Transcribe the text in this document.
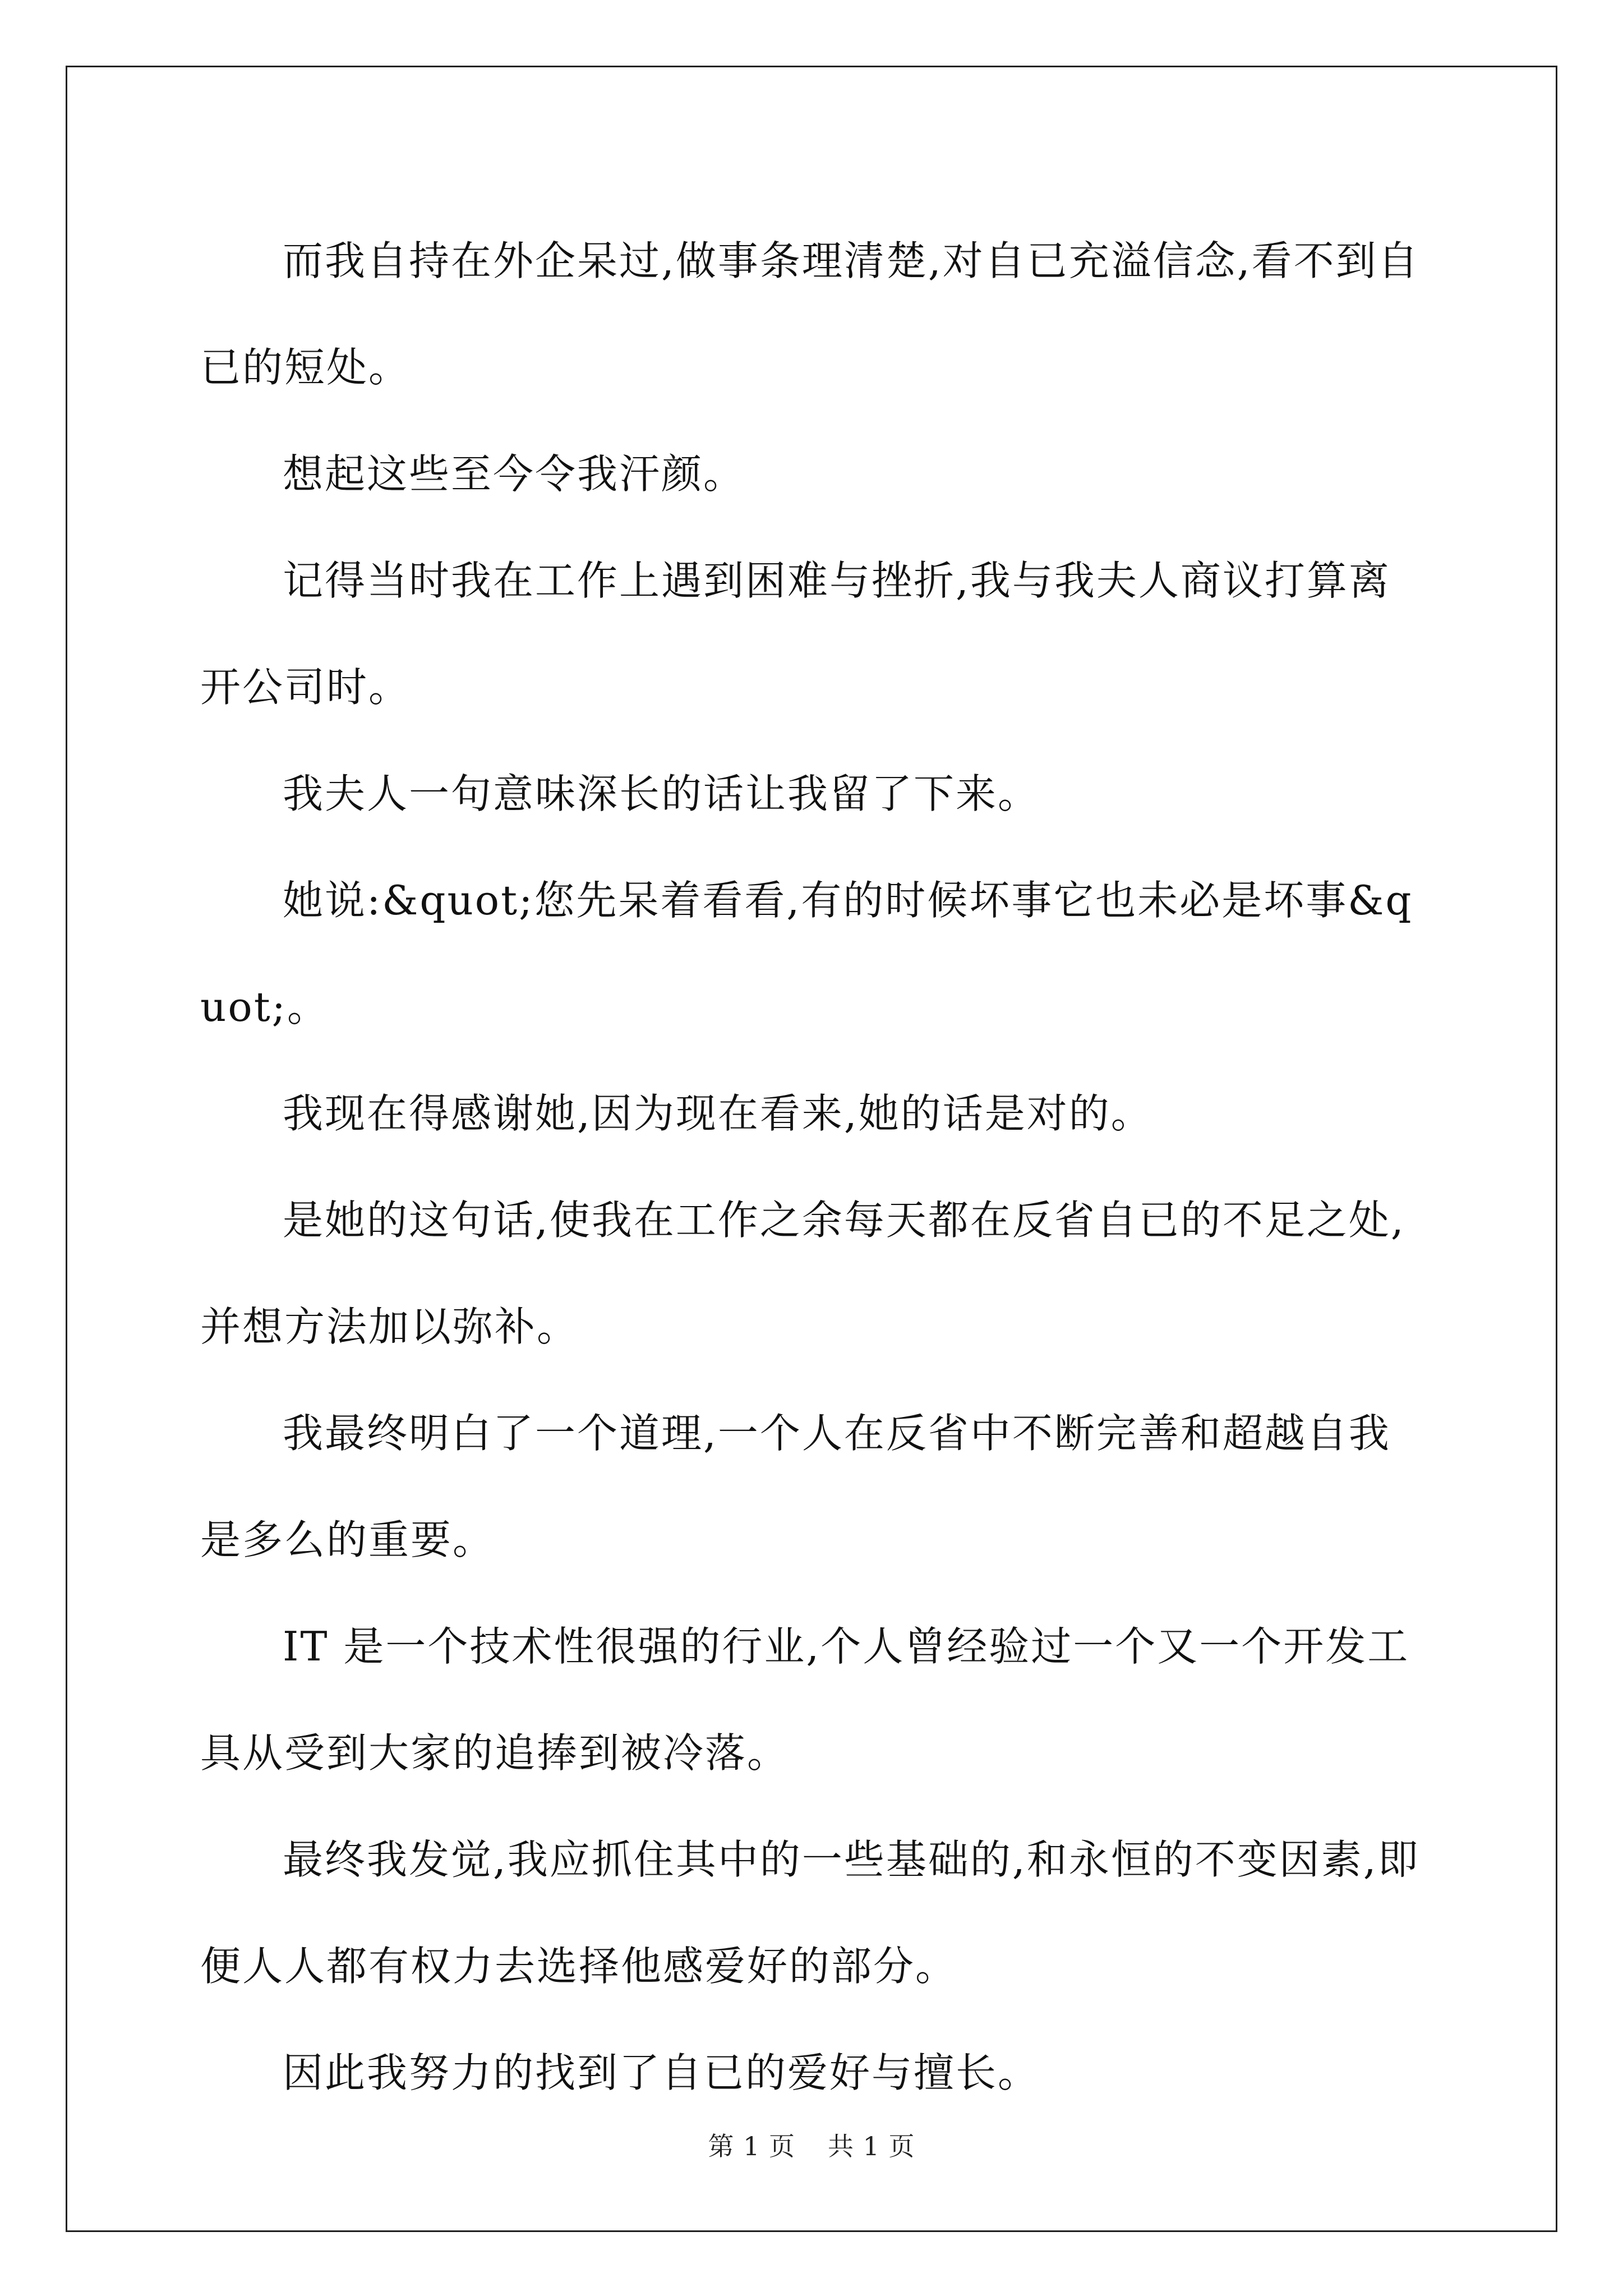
而我自持在外企呆过,做事条理清楚,对自已充溢信念,看不到自已的短处。

想起这些至今令我汗颜。

记得当时我在工作上遇到困难与挫折,我与我夫人商议打算离开公司时。

我夫人一句意味深长的话让我留了下来。

她说:&quot;您先呆着看看,有的时候坏事它也未必是坏事&quot;。

我现在得感谢她,因为现在看来,她的话是对的。

是她的这句话,使我在工作之余每天都在反省自已的不足之处,并想方法加以弥补。

我最终明白了一个道理,一个人在反省中不断完善和超越自我是多么的重要。

IT 是一个技术性很强的行业,个人曾经验过一个又一个开发工具从受到大家的追捧到被冷落。

最终我发觉,我应抓住其中的一些基础的,和永恒的不变因素,即便人人都有权力去选择他感爱好的部分。

因此我努力的找到了自已的爱好与擅长。

第 1 页 共 1 页
